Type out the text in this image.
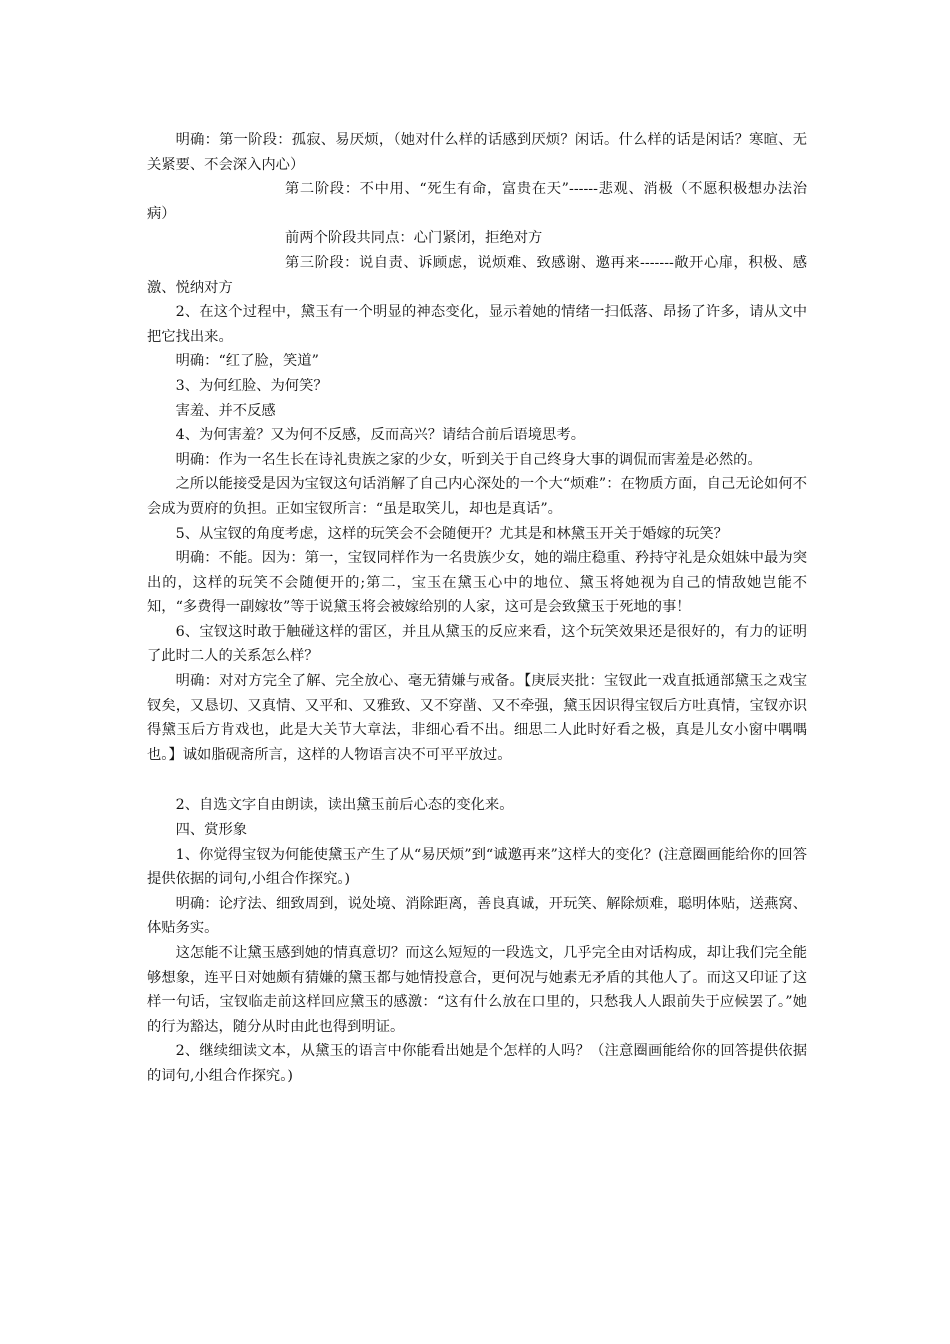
明确：第一阶段：孤寂、易厌烦，（她对什么样的话感到厌烦？闲话。什么样的话是闲话？寒暄、无关紧要、不会深入内心）

第二阶段：不中用、“死生有命，富贵在天”------悲观、消极（不愿积极想办法治病）

前两个阶段共同点：心门紧闭，拒绝对方

第三阶段：说自责、诉顾虑，说烦难、致感谢、邀再来-------敞开心扉，积极、感激、悦纳对方

2、在这个过程中，黛玉有一个明显的神态变化，显示着她的情绪一扫低落、昂扬了许多，请从文中把它找出来。

明确：“红了脸，笑道”

3、为何红脸、为何笑？

害羞、并不反感

4、为何害羞？又为何不反感，反而高兴？请结合前后语境思考。

明确：作为一名生长在诗礼贵族之家的少女，听到关于自己终身大事的调侃而害羞是必然的。

之所以能接受是因为宝钗这句话消解了自己内心深处的一个大“烦难”：在物质方面，自己无论如何不会成为贾府的负担。正如宝钗所言：“虽是取笑儿，却也是真话”。

5、从宝钗的角度考虑，这样的玩笑会不会随便开？尤其是和林黛玉开关于婚嫁的玩笑？

明确：不能。因为：第一，宝钗同样作为一名贵族少女，她的端庄稳重、矜持守礼是众姐妹中最为突出的，这样的玩笑不会随便开的;第二，宝玉在黛玉心中的地位、黛玉将她视为自己的情敌她岂能不知，“多费得一副嫁妆”等于说黛玉将会被嫁给别的人家，这可是会致黛玉于死地的事！

6、宝钗这时敢于触碰这样的雷区，并且从黛玉的反应来看，这个玩笑效果还是很好的，有力的证明了此时二人的关系怎么样？

明确：对对方完全了解、完全放心、毫无猜嫌与戒备。【庚辰夹批：宝钗此一戏直抵通部黛玉之戏宝钗矣，又恳切、又真情、又平和、又雅致、又不穿凿、又不牵强，黛玉因识得宝钗后方吐真情，宝钗亦识得黛玉后方肯戏也，此是大关节大章法，非细心看不出。细思二人此时好看之极，真是儿女小窗中喁喁也。】诚如脂砚斋所言，这样的人物语言决不可平平放过。

2、自选文字自由朗读，读出黛玉前后心态的变化来。

四、赏形象

1、你觉得宝钗为何能使黛玉产生了从“易厌烦”到“诚邀再来”这样大的变化？(注意圈画能给你的回答提供依据的词句,小组合作探究。)

明确：论疗法、细致周到，说处境、消除距离，善良真诚，开玩笑、解除烦难，聪明体贴，送燕窝、体贴务实。

这怎能不让黛玉感到她的情真意切？而这么短短的一段选文，几乎完全由对话构成，却让我们完全能够想象，连平日对她颇有猜嫌的黛玉都与她情投意合，更何况与她素无矛盾的其他人了。而这又印证了这样一句话，宝钗临走前这样回应黛玉的感激：“这有什么放在口里的，只愁我人人跟前失于应候罢了。”她的行为豁达，随分从时由此也得到明证。

2、继续细读文本，从黛玉的语言中你能看出她是个怎样的人吗？（注意圈画能给你的回答提供依据的词句,小组合作探究。)
